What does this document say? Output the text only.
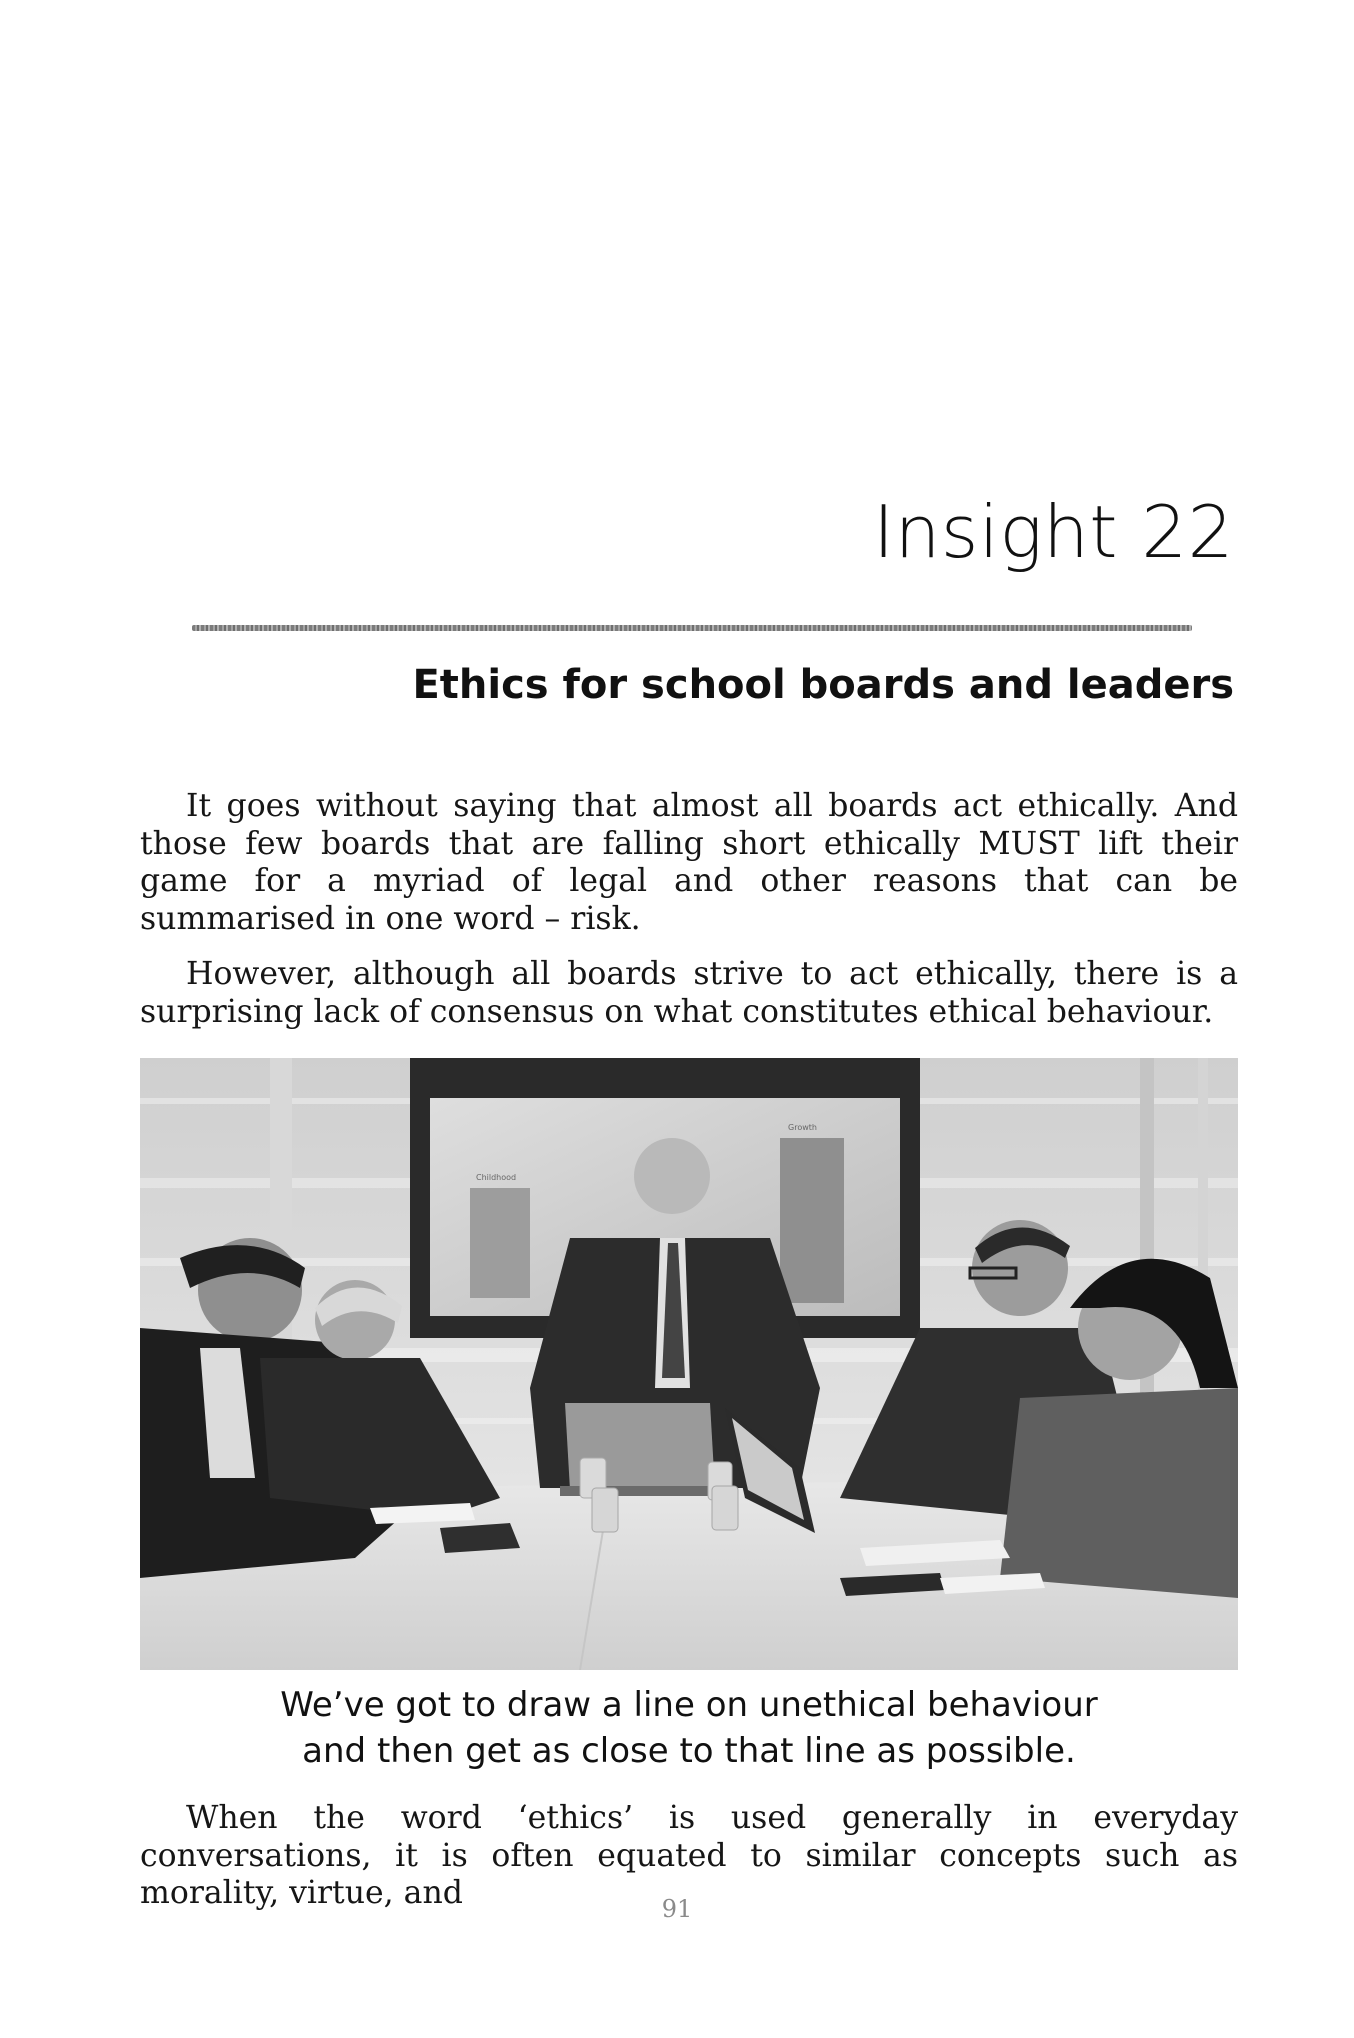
Insight 22
Ethics for school boards and leaders

It goes without saying that almost all boards act ethically. And those few boards that are falling short ethically MUST lift their game for a myriad of legal and other reasons that can be summarised in one word – risk.

However, although all boards strive to act ethically, there is a surprising lack of consensus on what constitutes ethical behaviour.

Childhood
Growth

We’ve got to draw a line on unethical behaviour
and then get as close to that line as possible.

When the word ‘ethics’ is used generally in everyday conversations, it is often equated to similar concepts such as morality, virtue, and	91
